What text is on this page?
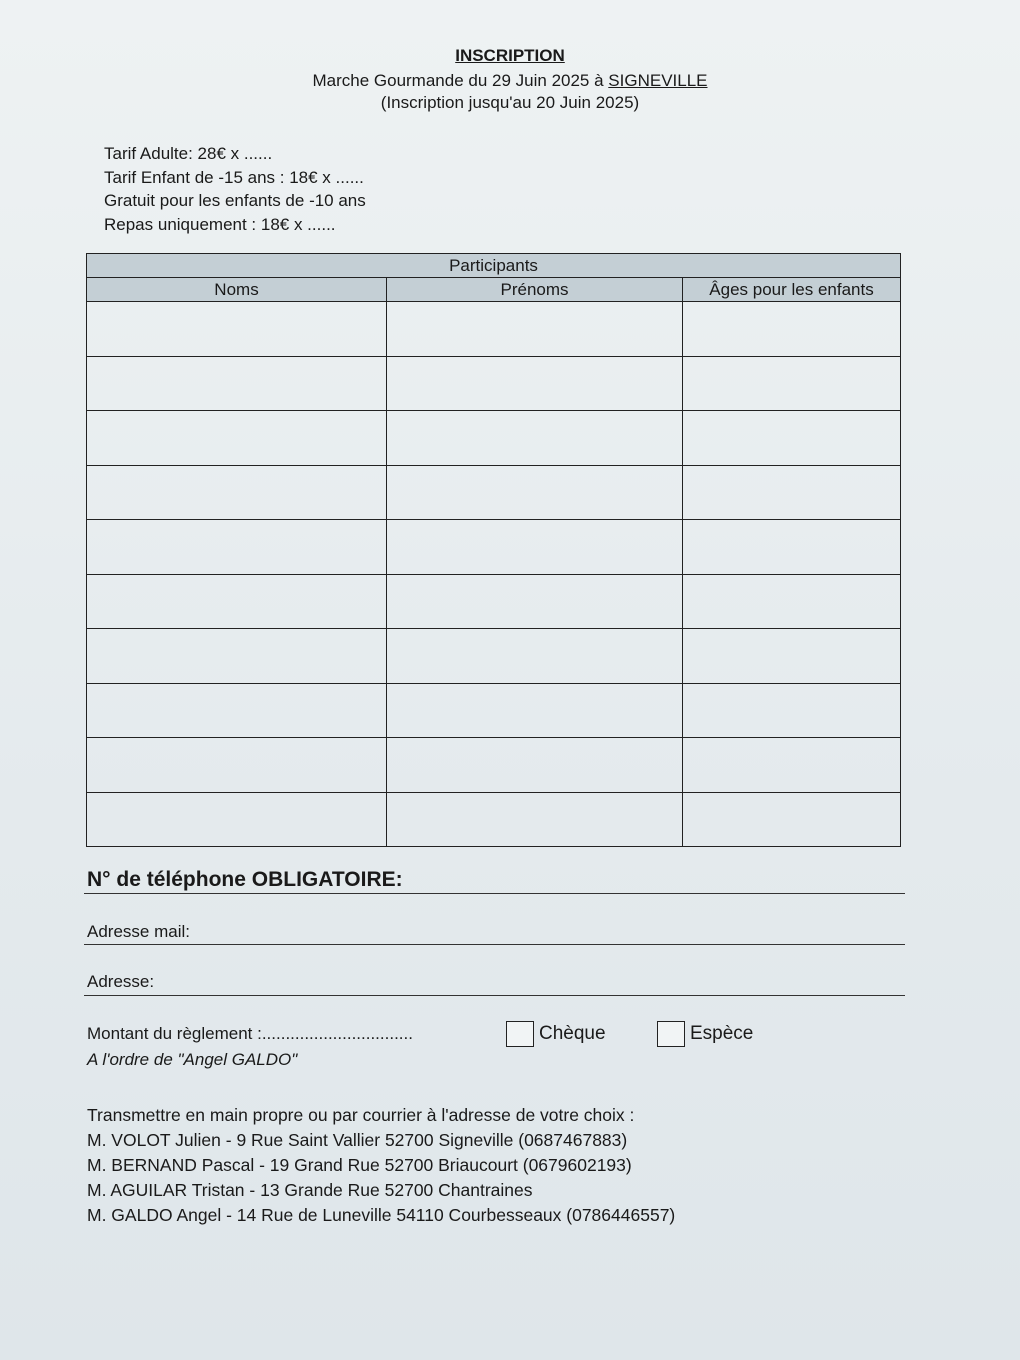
INSCRIPTION
Marche Gourmande du 29 Juin 2025 à SIGNEVILLE
(Inscription jusqu'au 20 Juin 2025)
Tarif Adulte: 28€ x ......
Tarif Enfant de -15 ans : 18€ x ......
Gratuit pour les enfants de -10 ans
Repas uniquement : 18€ x ......
Participants		
Noms	Prénoms	Âges pour les enfants

N° de téléphone OBLIGATOIRE:
Adresse mail:
Adresse:
Montant du règlement :................................	Chèque	Espèce
A l'ordre de "Angel GALDO"
Transmettre en main propre ou par courrier à l'adresse de votre choix :
M. VOLOT Julien - 9 Rue Saint Vallier 52700 Signeville (0687467883)
M. BERNAND Pascal - 19 Grand Rue 52700 Briaucourt (0679602193)
M. AGUILAR Tristan - 13 Grande Rue 52700 Chantraines
M. GALDO Angel - 14 Rue de Luneville 54110 Courbesseaux (0786446557)
